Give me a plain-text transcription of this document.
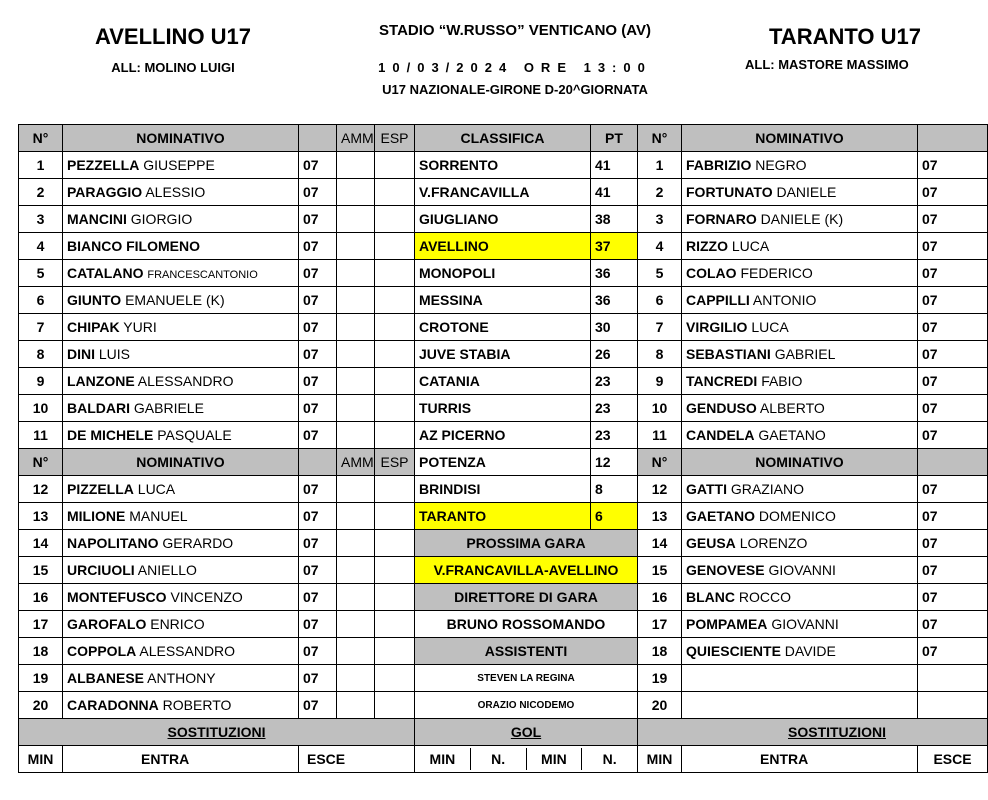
AVELLINO U17
ALL: MOLINO LUIGI
STADIO “W.RUSSO” VENTICANO (AV)
10/03/2024 ORE 13:00
U17 NAZIONALE-GIRONE D-20^GIORNATA
TARANTO U17
ALL: MASTORE MASSIMO
N°	NOMINATIVO		AMM	ESP	CLASSIFICA	PT	N°	NOMINATIVO	
1	PEZZELLA GIUSEPPE	07			SORRENTO	41	1	FABRIZIO NEGRO	07
2	PARAGGIO ALESSIO	07			V.FRANCAVILLA	41	2	FORTUNATO DANIELE	07
3	MANCINI GIORGIO	07			GIUGLIANO	38	3	FORNARO DANIELE (K)	07
4	BIANCO FILOMENO	07			AVELLINO	37	4	RIZZO LUCA	07
5	CATALANO FRANCESCANTONIO	07			MONOPOLI	36	5	COLAO FEDERICO	07
6	GIUNTO EMANUELE (K)	07			MESSINA	36	6	CAPPILLI ANTONIO	07
7	CHIPAK YURI	07			CROTONE	30	7	VIRGILIO LUCA	07
8	DINI LUIS	07			JUVE STABIA	26	8	SEBASTIANI GABRIEL	07
9	LANZONE ALESSANDRO	07			CATANIA	23	9	TANCREDI FABIO	07
10	BALDARI GABRIELE	07			TURRIS	23	10	GENDUSO ALBERTO	07
11	DE MICHELE PASQUALE	07			AZ PICERNO	23	11	CANDELA GAETANO	07
N°	NOMINATIVO		AMM	ESP	POTENZA	12	N°	NOMINATIVO	
12	PIZZELLA LUCA	07			BRINDISI	8	12	GATTI GRAZIANO	07
13	MILIONE MANUEL	07			TARANTO	6	13	GAETANO DOMENICO	07
14	NAPOLITANO GERARDO	07			PROSSIMA GARA		14	GEUSA LORENZO	07
15	URCIUOLI ANIELLO	07			V.FRANCAVILLA-AVELLINO		15	GENOVESE GIOVANNI	07
16	MONTEFUSCO VINCENZO	07			DIRETTORE DI GARA		16	BLANC ROCCO	07
17	GAROFALO ENRICO	07			BRUNO ROSSOMANDO		17	POMPAMEA GIOVANNI	07
18	COPPOLA ALESSANDRO	07			ASSISTENTI		18	QUIESCIENTE DAVIDE	07
19	ALBANESE ANTHONY	07			STEVEN LA REGINA		19		
20	CARADONNA ROBERTO	07			ORAZIO NICODEMO		20		
SOSTITUZIONI					GOL		SOSTITUZIONI		
MIN	ENTRA	ESCE			MIN N. MIN N.		MIN	ENTRA	ESCE
